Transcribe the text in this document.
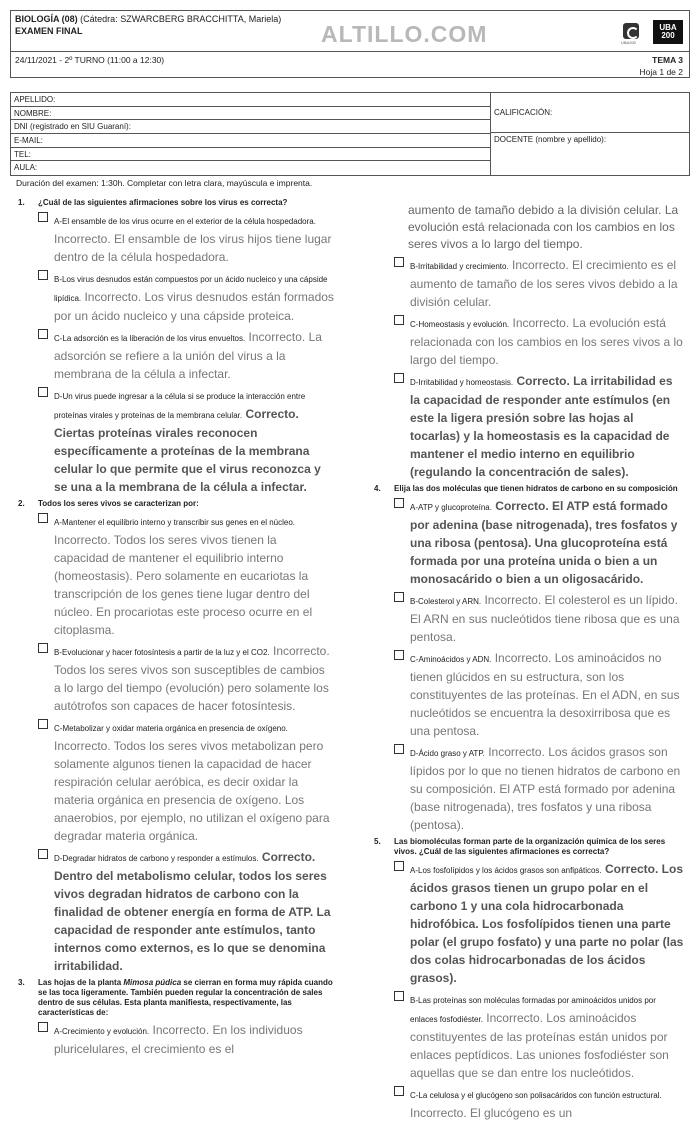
BIOLOGÍA (08) (Cátedra: SZWARCBERG BRACCHITTA, Mariela)
EXAMEN FINAL	ALTILLO.COM	UBA200
UBA
200
24/11/2021 - 2º TURNO (11:00 a 12:30)	TEMA 3
Hoja 1 de 2
APELLIDO:
NOMBRE:
DNI (registrado en SIU Guaraní):
E-MAIL:
TEL:
AULA:
CALIFICACIÓN:
DOCENTE (nombre y apellido):
Duración del examen: 1:30h. Completar con letra clara, mayúscula e imprenta.
1.	¿Cuál de las siguientes afirmaciones sobre los virus es correcta?
A-El ensamble de los virus ocurre en el exterior de la célula hospedadora. Incorrecto. El ensamble de los virus hijos tiene lugar dentro de la célula hospedadora.
B-Los virus desnudos están compuestos por un ácido nucleico y una cápside lipídica. Incorrecto. Los virus desnudos están formados por un ácido nucleico y una cápside proteica.
C-La adsorción es la liberación de los virus envueltos. Incorrecto. La adsorción se refiere a la unión del virus a la membrana de la célula a infectar.
D-Un virus puede ingresar a la célula si se produce la interacción entre proteínas virales y proteínas de la membrana celular. Correcto. Ciertas proteínas virales reconocen específicamente a proteínas de la membrana celular lo que permite que el virus reconozca y se una a la membrana de la célula a infectar.
2.	Todos los seres vivos se caracterizan por:
A-Mantener el equilibrio interno y transcribir sus genes en el núcleo. Incorrecto. Todos los seres vivos tienen la capacidad de mantener el equilibrio interno (homeostasis). Pero solamente en eucariotas la transcripción de los genes tiene lugar dentro del núcleo. En procariotas este proceso ocurre en el citoplasma.
B-Evolucionar y hacer fotosíntesis a partir de la luz y el CO2. Incorrecto. Todos los seres vivos son susceptibles de cambios a lo largo del tiempo (evolución) pero solamente los autótrofos son capaces de hacer fotosíntesis.
C-Metabolizar y oxidar materia orgánica en presencia de oxígeno. Incorrecto. Todos los seres vivos metabolizan pero solamente algunos tienen la capacidad de hacer respiración celular aeróbica, es decir oxidar la materia orgánica en presencia de oxígeno. Los anaerobios, por ejemplo, no utilizan el oxígeno para degradar materia orgánica.
D-Degradar hidratos de carbono y responder a estímulos. Correcto. Dentro del metabolismo celular, todos los seres vivos degradan hidratos de carbono con la finalidad de obtener energía en forma de ATP. La capacidad de responder ante estímulos, tanto internos como externos, es lo que se denomina irritabilidad.
3.	Las hojas de la planta Mimosa púdica se cierran en forma muy rápida cuando se las toca ligeramente. También pueden regular la concentración de sales dentro de sus células. Esta planta manifiesta, respectivamente, las características de:
A-Crecimiento y evolución. Incorrecto. En los individuos pluricelulares, el crecimiento es el
aumento de tamaño debido a la división celular. La evolución está relacionada con los cambios en los seres vivos a lo largo del tiempo.
B-Irritabilidad y crecimiento. Incorrecto. El crecimiento es el aumento de tamaño de los seres vivos debido a la división celular.
C-Homeostasis y evolución. Incorrecto. La evolución está relacionada con los cambios en los seres vivos a lo largo del tiempo.
D-Irritabilidad y homeostasis. Correcto. La irritabilidad es la capacidad de responder ante estímulos (en este la ligera presión sobre las hojas al tocarlas) y la homeostasis es la capacidad de mantener el medio interno en equilibrio (regulando la concentración de sales).
4.	Elija las dos moléculas que tienen hidratos de carbono en su composición
A-ATP y glucoproteína. Correcto. El ATP está formado por adenina (base nitrogenada), tres fosfatos y una ribosa (pentosa). Una glucoproteína está formada por una proteína unida o bien a un monosacárido o bien a un oligosacárido.
B-Colesterol y ARN. Incorrecto. El colesterol es un lípido. El ARN en sus nucleótidos tiene ribosa que es una pentosa.
C-Aminoácidos y ADN. Incorrecto. Los aminoácidos no tienen glúcidos en su estructura, son los constituyentes de las proteínas. En el ADN, en sus nucleótidos se encuentra la desoxirribosa que es una pentosa.
D-Ácido graso y ATP. Incorrecto. Los ácidos grasos son lípidos por lo que no tienen hidratos de carbono en su composición. El ATP está formado por adenina (base nitrogenada), tres fosfatos y una ribosa (pentosa).
5.	Las biomoléculas forman parte de la organización química de los seres vivos. ¿Cuál de las siguientes afirmaciones es correcta?
A-Los fosfolípidos y los ácidos grasos son anfipáticos. Correcto. Los ácidos grasos tienen un grupo polar en el carbono 1 y una cola hidrocarbonada hidrofóbica. Los fosfolípidos tienen una parte polar (el grupo fosfato) y una parte no polar (las dos colas hidrocarbonadas de los ácidos grasos).
B-Las proteínas son moléculas formadas por aminoácidos unidos por enlaces fosfodiéster. Incorrecto. Los aminoácidos constituyentes de las proteínas están unidos por enlaces peptídicos. Las uniones fosfodiéster son aquellas que se dan entre los nucleótidos.
C-La celulosa y el glucógeno son polisacáridos con función estructural. Incorrecto. El glucógeno es un
